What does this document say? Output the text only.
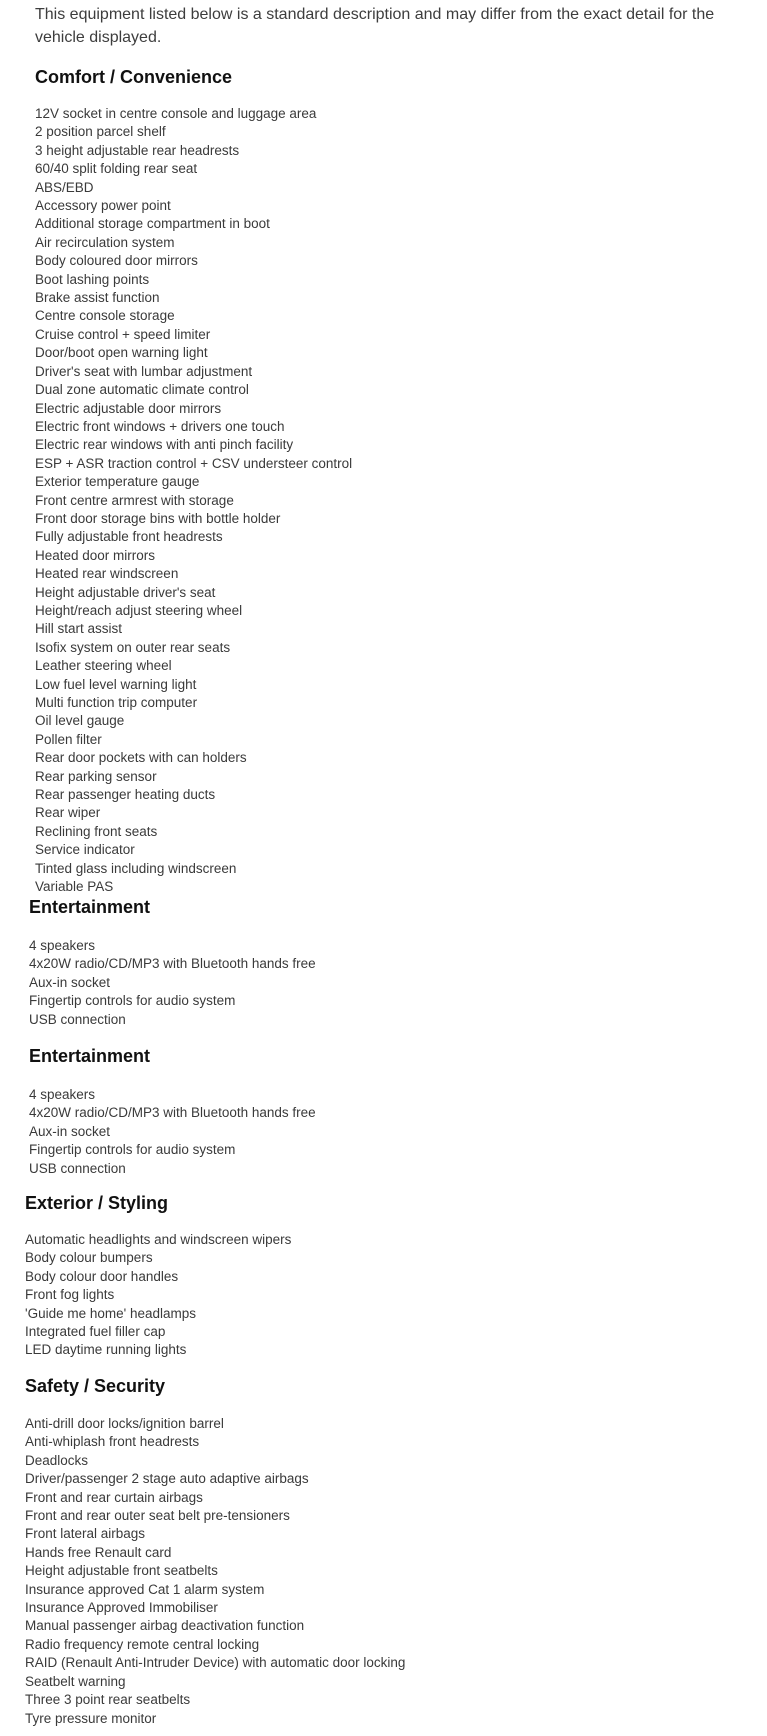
This equipment listed below is a standard description and may differ from the exact detail for the vehicle displayed.

Comfort / Convenience
12V socket in centre console and luggage area
2 position parcel shelf
3 height adjustable rear headrests
60/40 split folding rear seat
ABS/EBD
Accessory power point
Additional storage compartment in boot
Air recirculation system
Body coloured door mirrors
Boot lashing points
Brake assist function
Centre console storage
Cruise control + speed limiter
Door/boot open warning light
Driver's seat with lumbar adjustment
Dual zone automatic climate control
Electric adjustable door mirrors
Electric front windows + drivers one touch
Electric rear windows with anti pinch facility
ESP + ASR traction control + CSV understeer control
Exterior temperature gauge
Front centre armrest with storage
Front door storage bins with bottle holder
Fully adjustable front headrests
Heated door mirrors
Heated rear windscreen
Height adjustable driver's seat
Height/reach adjust steering wheel
Hill start assist
Isofix system on outer rear seats
Leather steering wheel
Low fuel level warning light
Multi function trip computer
Oil level gauge
Pollen filter
Rear door pockets with can holders
Rear parking sensor
Rear passenger heating ducts
Rear wiper
Reclining front seats
Service indicator
Tinted glass including windscreen
Variable PAS
Entertainment
4 speakers
4x20W radio/CD/MP3 with Bluetooth hands free
Aux-in socket
Fingertip controls for audio system
USB connection
Entertainment
4 speakers
4x20W radio/CD/MP3 with Bluetooth hands free
Aux-in socket
Fingertip controls for audio system
USB connection
Exterior / Styling
Automatic headlights and windscreen wipers
Body colour bumpers
Body colour door handles
Front fog lights
'Guide me home' headlamps
Integrated fuel filler cap
LED daytime running lights
Safety / Security
Anti-drill door locks/ignition barrel
Anti-whiplash front headrests
Deadlocks
Driver/passenger 2 stage auto adaptive airbags
Front and rear curtain airbags
Front and rear outer seat belt pre-tensioners
Front lateral airbags
Hands free Renault card
Height adjustable front seatbelts
Insurance approved Cat 1 alarm system
Insurance Approved Immobiliser
Manual passenger airbag deactivation function
Radio frequency remote central locking
RAID (Renault Anti-Intruder Device) with automatic door locking
Seatbelt warning
Three 3 point rear seatbelts
Tyre pressure monitor
